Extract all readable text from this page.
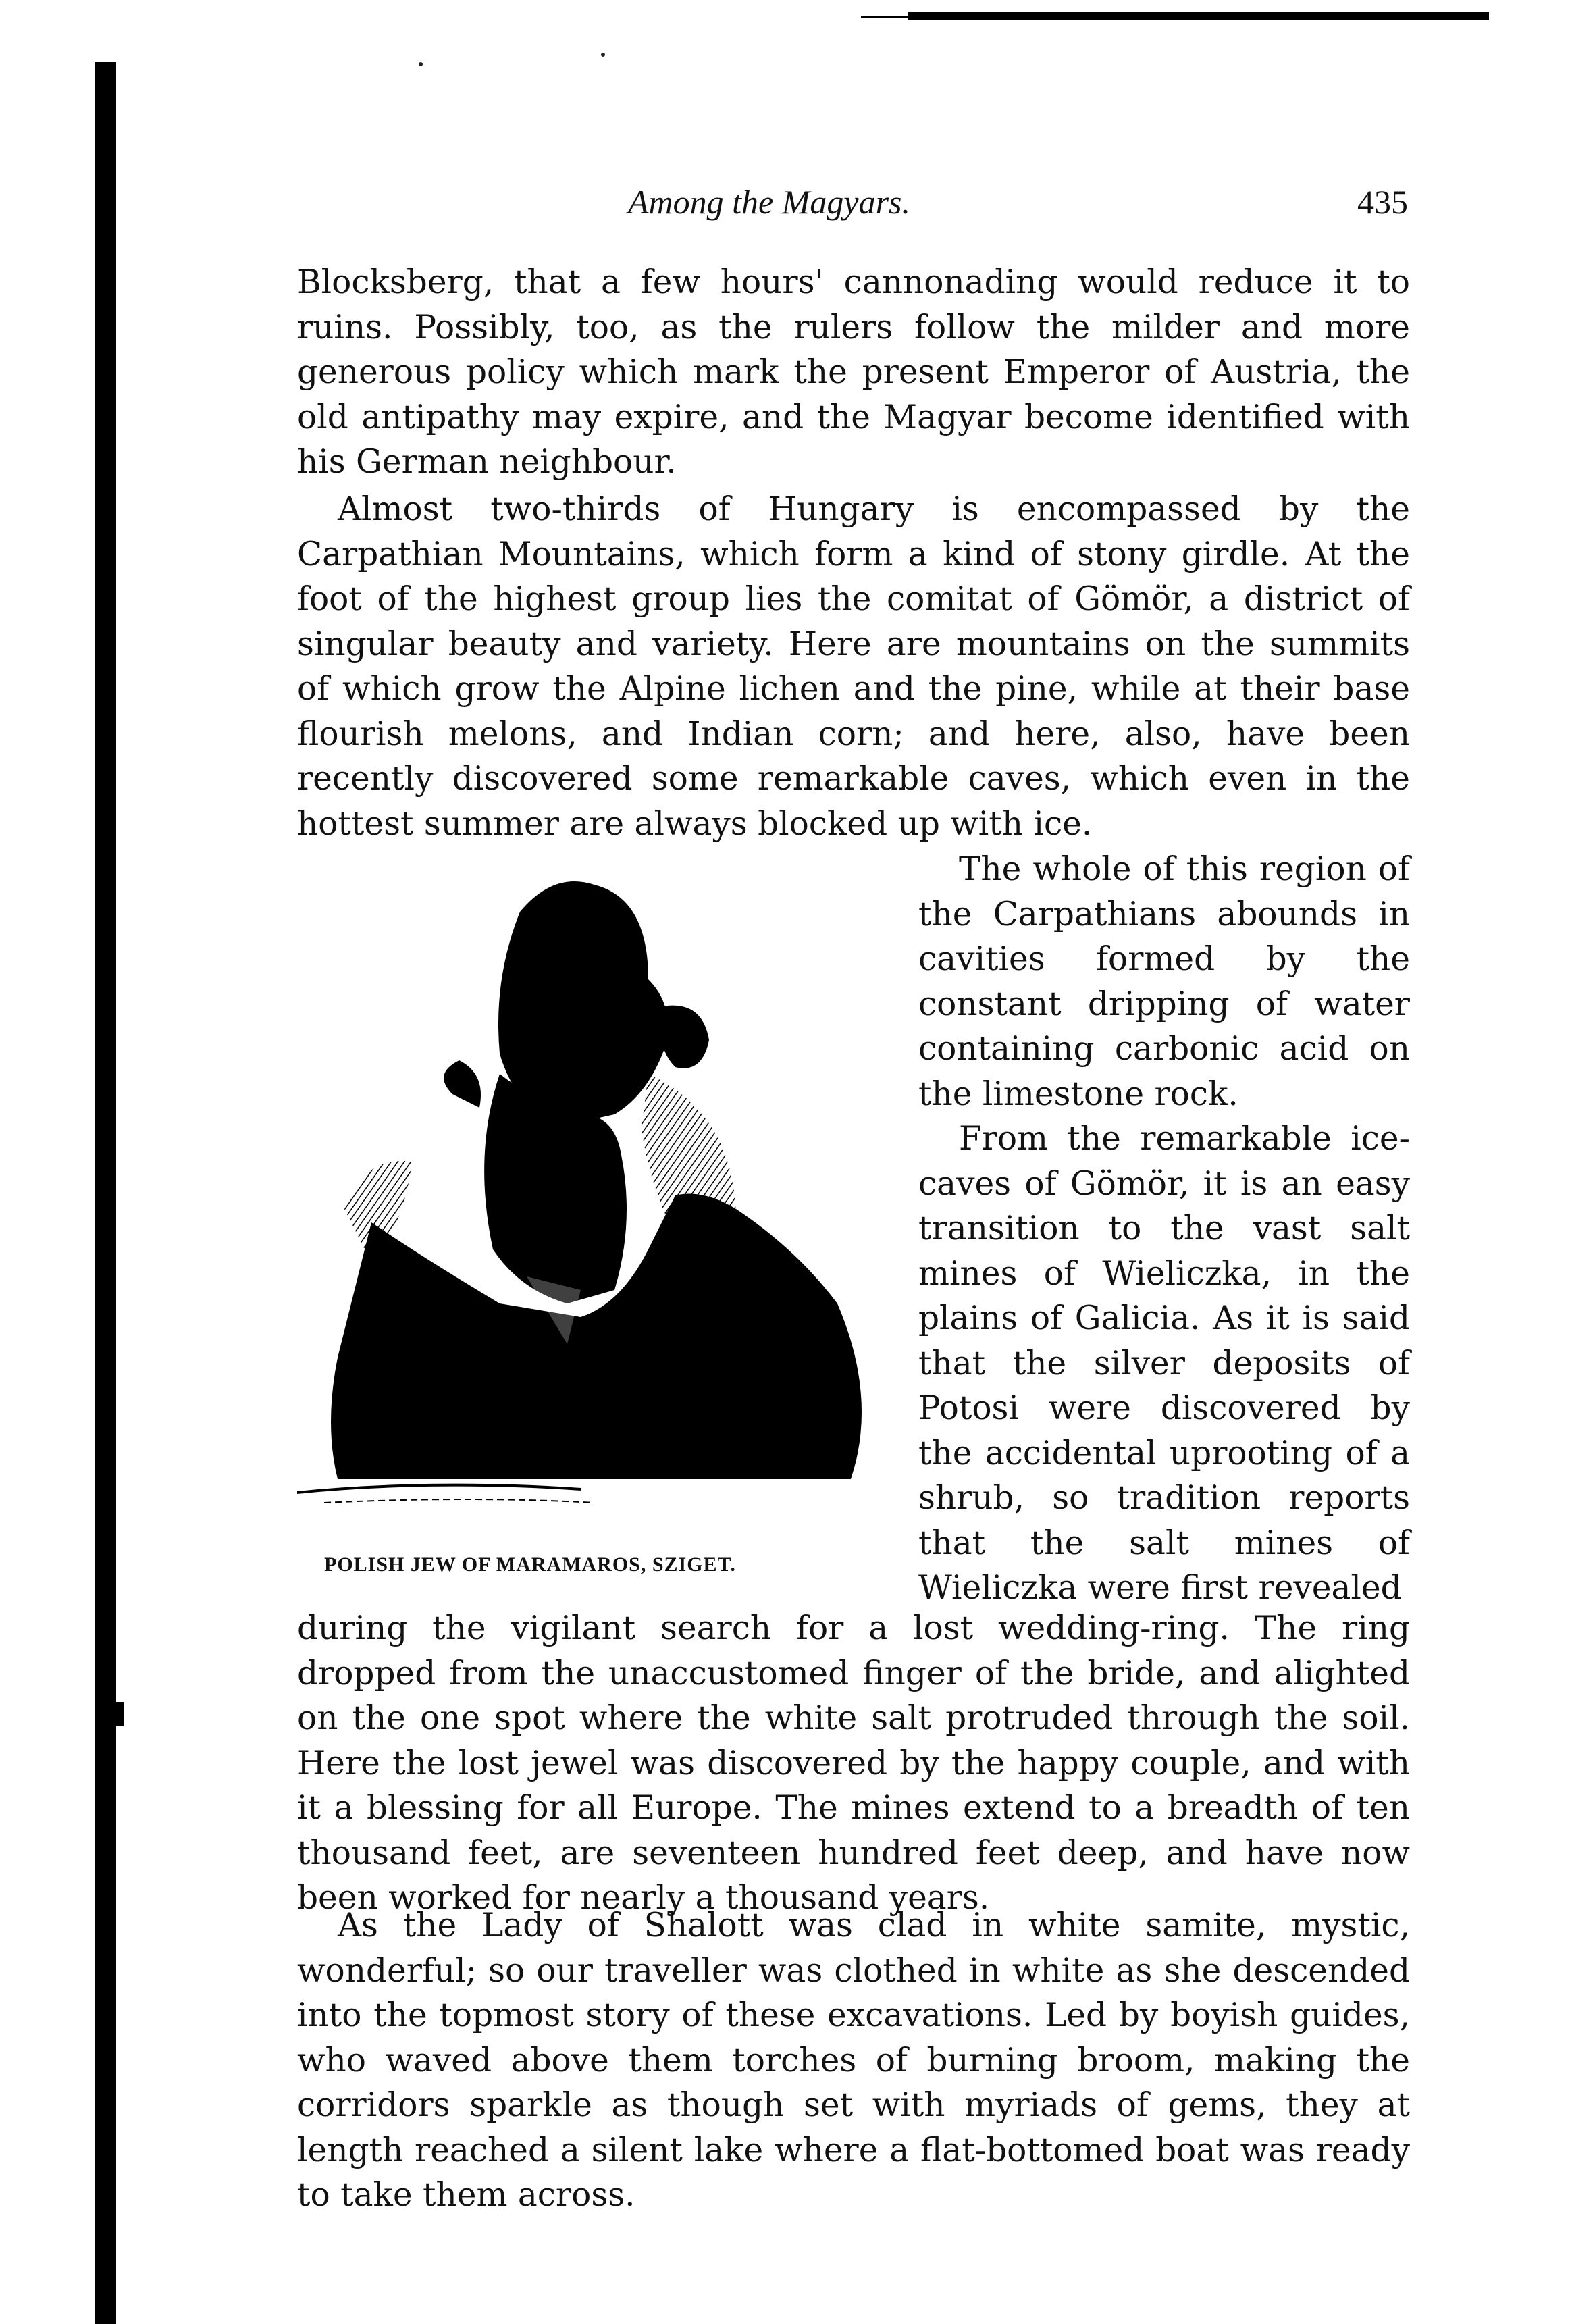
Among the Magyars.	435

Blocksberg, that a few hours' cannonading would reduce it to ruins. Possibly, too, as the rulers follow the milder and more generous policy which mark the present Emperor of Austria, the old antipathy may expire, and the Magyar become identified with his German neighbour.

Almost two-thirds of Hungary is encompassed by the Carpathian Mountains, which form a kind of stony girdle. At the foot of the highest group lies the comitat of Gömör, a district of singular beauty and variety. Here are mountains on the summits of which grow the Alpine lichen and the pine, while at their base flourish melons, and Indian corn; and here, also, have been recently discovered some remarkable caves, which even in the hottest summer are always blocked up with ice.

POLISH JEW OF MARAMAROS, SZIGET.

The whole of this region of the Carpathians abounds in cavities formed by the constant dripping of water containing carbonic acid on the limestone rock.

From the remarkable ice-caves of Gömör, it is an easy transition to the vast salt mines of Wieliczka, in the plains of Galicia. As it is said that the silver deposits of Potosi were discovered by the accidental uprooting of a shrub, so tradition reports that the salt mines of Wieliczka were first revealed

during the vigilant search for a lost wedding-ring. The ring dropped from the unaccustomed finger of the bride, and alighted on the one spot where the white salt protruded through the soil. Here the lost jewel was discovered by the happy couple, and with it a blessing for all Europe. The mines extend to a breadth of ten thousand feet, are seventeen hundred feet deep, and have now been worked for nearly a thousand years.

As the Lady of Shalott was clad in white samite, mystic, wonderful; so our traveller was clothed in white as she descended into the topmost story of these excavations. Led by boyish guides, who waved above them torches of burning broom, making the corridors sparkle as though set with myriads of gems, they at length reached a silent lake where a flat-bottomed boat was ready to take them across.
